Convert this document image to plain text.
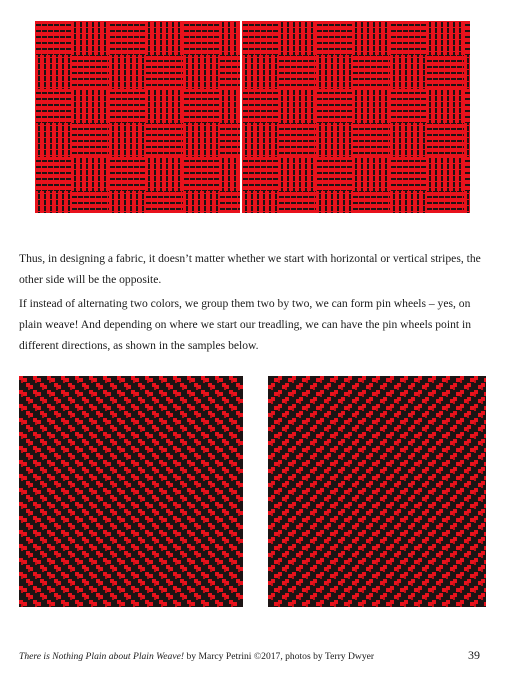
Thus, in designing a fabric, it doesn’t matter whether we start with horizontal or vertical stripes, the other side will be the opposite.

If instead of alternating two colors, we group them two by two, we can form pin wheels – yes, on plain weave! And depending on where we start our treadling, we can have the pin wheels point in different directions, as shown in the samples below.

There is Nothing Plain about Plain Weave! by Marcy Petrini ©2017, photos by Terry Dwyer	39
